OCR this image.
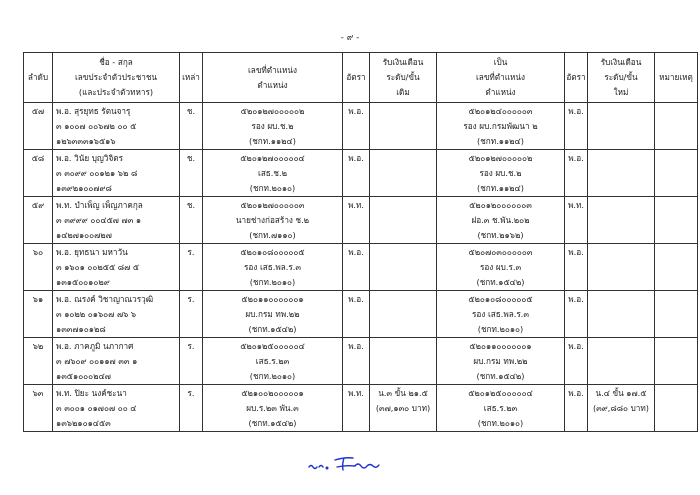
- ๙ -
ลำดับ	ชื่อ - สกุล
เลขประจำตัวประชาชน
(และประจำตัวทหาร)	เหล่า	เลขที่ตำแหน่ง
ตำแหน่ง	อัตรา	รับเงินเดือน
ระดับ/ขั้น
เดิม	เป็น
เลขที่ตำแหน่ง
ตำแหน่ง	อัตรา	รับเงินเดือน
ระดับ/ขั้น
ใหม่	หมายเหตุ
๕๗	พ.อ. สุรยุทธ รัตนจารุ
๓ ๑๐๐๗ ๐๐๖๗๒ ๐๐ ๕
๑๒๖๓๓๓๑๖๕๑๖	ช.	๕๒๐๑๒๗๐๐๐๐๐๒
รอง ผบ.ช.๒
(ชกท.๑๑๒๔)	พ.อ.		๕๒๐๑๒๔๐๐๐๐๐๓
รอง ผบ.กรมพัฒนา ๒
(ชกท.๑๑๒๔)	พ.อ.	

๕๘	พ.อ. วินัย บุญวิจิตร
๓ ๓๐๙๙ ๐๐๑๒๑ ๖๒ ๘
๑๓๙๒๑๐๐๗๙๘	ช.	๕๒๐๑๒๗๐๐๐๐๐๔
เสธ.ช.๒
(ชกท.๒๐๑๐)	พ.อ.		๕๒๐๑๒๗๐๐๐๐๐๒
รอง ผบ.ช.๒
(ชกท.๑๑๒๔)	พ.อ.	

๕๙	พ.ท. บำเพ็ญ เพ็ญภาคกุล
๓ ๓๙๙๙ ๐๐๔๕๗ ๗๓ ๑
๑๔๒๗๑๐๐๗๒๗	ช.	๕๒๐๑๒๗๐๐๐๐๐๓
นายช่างก่อสร้าง ช.๒
(ชกท.๗๑๑๐)	พ.ท.		๕๒๐๑๒๐๐๐๐๐๐๓
ฝอ.๓ ช.พัน.๒๐๒
(ชกท.๒๑๖๒)	พ.ท.	

๖๐	พ.อ. ยุทธนา มหาวัน
๓ ๑๖๐๑ ๐๐๒๕๕ ๘๗ ๕
๑๓๑๕๐๐๑๐๒๙	ร.	๕๒๐๑๐๘๐๐๐๐๐๕
รอง เสธ.พล.ร.๓
(ชกท.๒๐๑๐)	พ.อ.		๕๒๐๗๐๓๐๐๐๐๐๓
รอง ผบ.ร.๓
(ชกท.๑๕๔๒)	พ.อ.	

๖๑	พ.อ. ณรงค์ วิชาญาณวรวุฒิ
๓ ๑๐๒๒ ๐๑๖๐๗ ๗๖ ๖
๑๓๓๗๑๐๑๒๘	ร.	๕๒๐๑๑๐๐๐๐๐๐๑
ผบ.กรม ทพ.๒๒
(ชกท.๑๕๔๒)	พ.อ.		๕๒๐๑๐๘๐๐๐๐๐๕
รอง เสธ.พล.ร.๓
(ชกท.๒๐๑๐)	พ.อ.	

๖๒	พ.อ. ภาคภูมิ นภากาศ
๓ ๗๖๐๙ ๐๐๑๑๗ ๓๓ ๑
๑๓๕๑๐๐๐๒๔๗	ร.	๕๒๐๑๒๕๐๐๐๐๐๔
เสธ.ร.๒๓
(ชกท.๒๐๑๐)	พ.อ.		๕๒๐๑๑๐๐๐๐๐๐๑
ผบ.กรม ทพ.๒๒
(ชกท.๑๕๔๒)	พ.อ.	

๖๓	พ.ท. ปิยะ นงค์ชะนา
๓ ๓๐๐๑ ๐๑๗๐๗ ๐๐ ๔
๑๓๖๒๑๐๑๔๕๓	ร.	๕๒๑๐๐๒๐๐๐๐๐๑
ผบ.ร.๒๓ พัน.๓
(ชกท.๑๕๔๒)	พ.ท.	น.๓ ขั้น ๒๑.๕
(๓๗,๑๓๐ บาท)	๕๒๐๑๒๕๐๐๐๐๐๔
เสธ.ร.๒๓
(ชกท.๒๐๑๐)	พ.อ.	น.๔ ขั้น ๑๗.๕
(๓๙,๘๘๐ บาท)	
